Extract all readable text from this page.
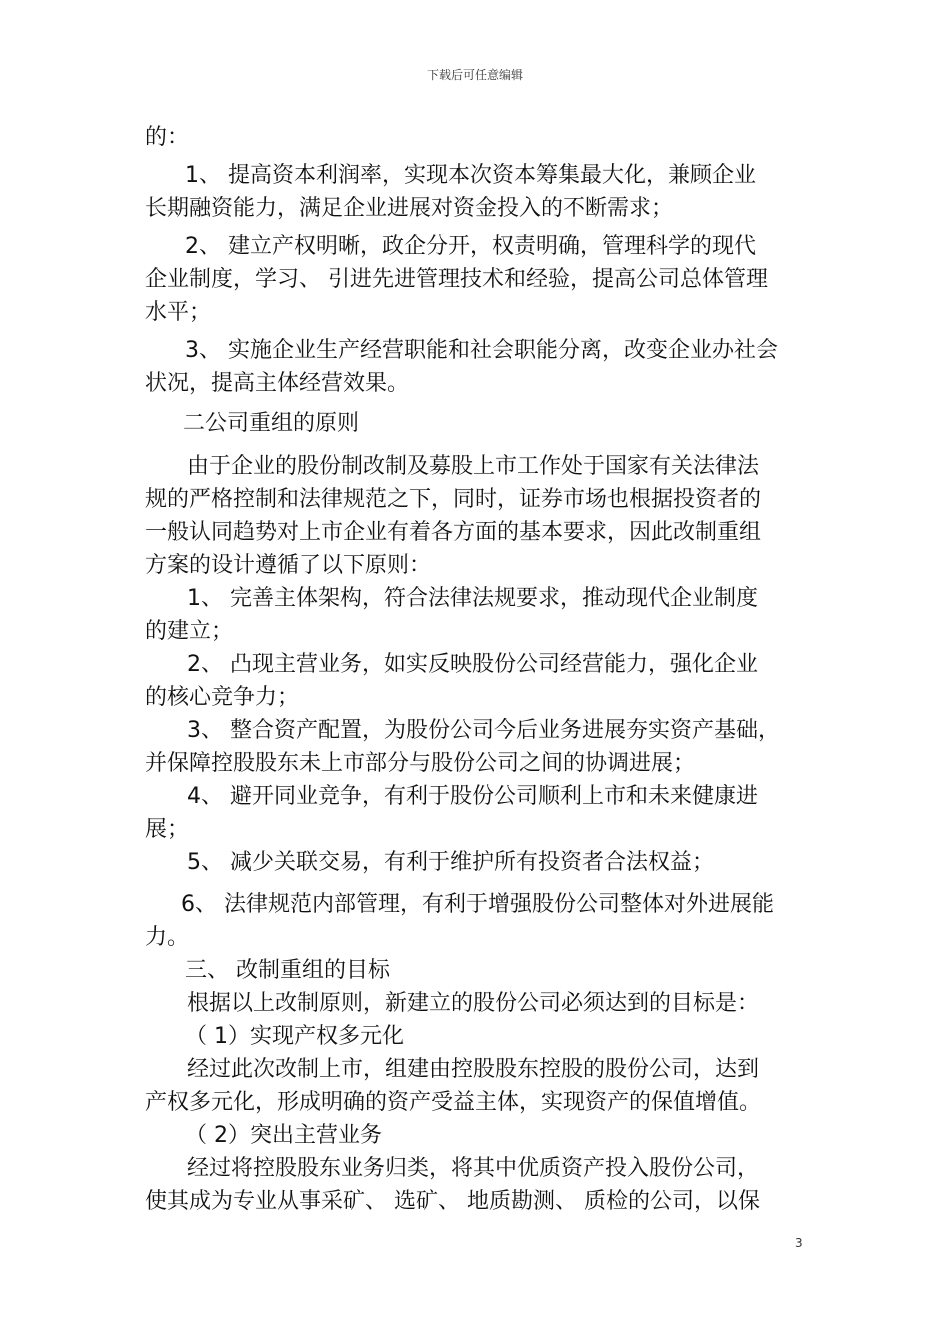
下载后可任意编辑
的：
1、 提高资本利润率，实现本次资本筹集最大化，兼顾企业
长期融资能力，满足企业进展对资金投入的不断需求；
2、 建立产权明晰，政企分开，权责明确，管理科学的现代
企业制度，学习、 引进先进管理技术和经验，提高公司总体管理
水平；
3、 实施企业生产经营职能和社会职能分离，改变企业办社会
状况，提高主体经营效果。
二公司重组的原则
由于企业的股份制改制及募股上市工作处于国家有关法律法
规的严格控制和法律规范之下，同时，证券市场也根据投资者的
一般认同趋势对上市企业有着各方面的基本要求，因此改制重组
方案的设计遵循了以下原则：
1、 完善主体架构，符合法律法规要求，推动现代企业制度
的建立；
2、 凸现主营业务，如实反映股份公司经营能力，强化企业
的核心竞争力；
3、 整合资产配置，为股份公司今后业务进展夯实资产基础，
并保障控股股东未上市部分与股份公司之间的协调进展；
4、 避开同业竞争，有利于股份公司顺利上市和未来健康进
展；
5、 减少关联交易，有利于维护所有投资者合法权益；
6、 法律规范内部管理，有利于增强股份公司整体对外进展能
力。
三、 改制重组的目标
根据以上改制原则，新建立的股份公司必须达到的目标是：
（ 1）实现产权多元化
经过此次改制上市，组建由控股股东控股的股份公司，达到
产权多元化，形成明确的资产受益主体，实现资产的保值增值。
（ 2）突出主营业务
经过将控股股东业务归类，将其中优质资产投入股份公司，
使其成为专业从事采矿、 选矿、 地质勘测、 质检的公司，以保
3
